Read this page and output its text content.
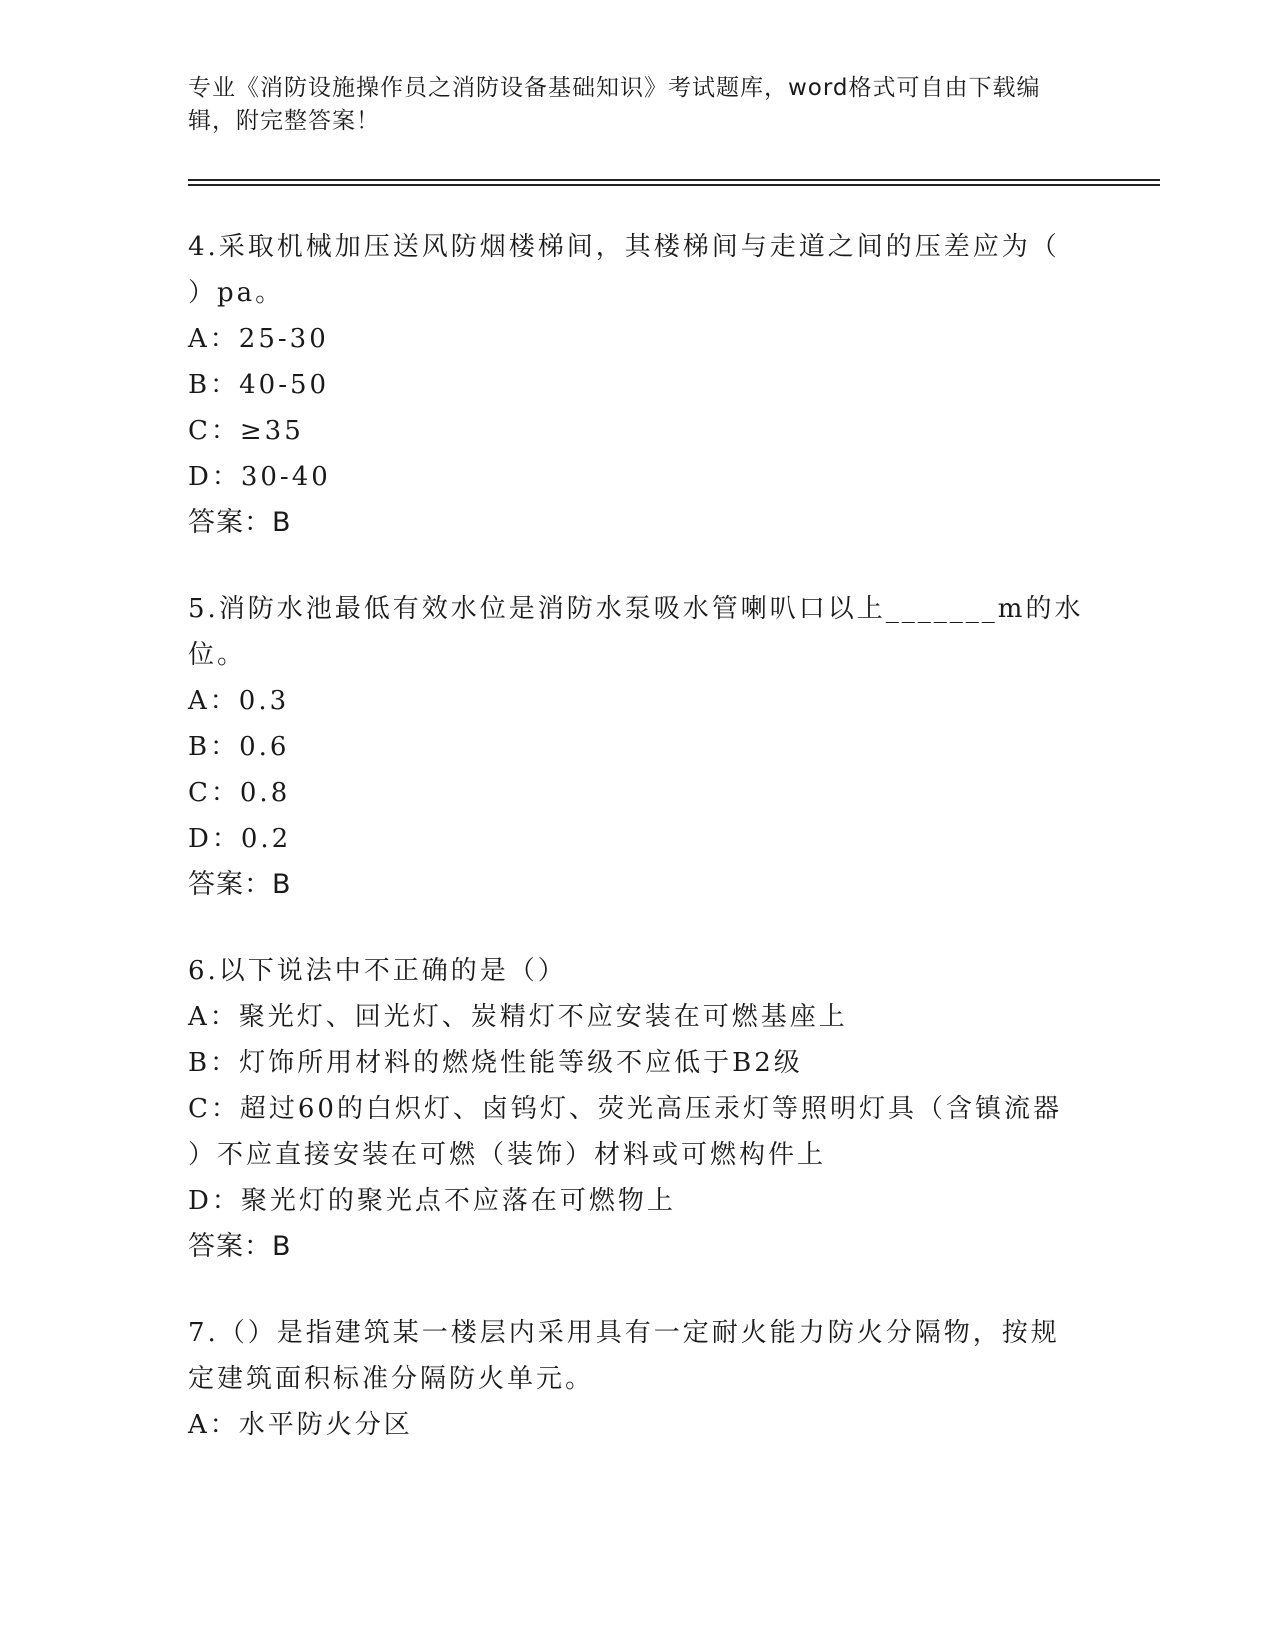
专业《消防设施操作员之消防设备基础知识》考试题库，word格式可自由下载编
辑，附完整答案！
4.采取机械加压送风防烟楼梯间，其楼梯间与走道之间的压差应为（
）pa。
A：25-30
B：40-50
C：≥35
D：30-40
答案：B
5.消防水池最低有效水位是消防水泵吸水管喇叭口以上_______m的水
位。
A：0.3
B：0.6
C：0.8
D：0.2
答案：B
6.以下说法中不正确的是（）
A：聚光灯、回光灯、炭精灯不应安装在可燃基座上
B：灯饰所用材料的燃烧性能等级不应低于B2级
C：超过60的白炽灯、卤钨灯、荧光高压汞灯等照明灯具（含镇流器
）不应直接安装在可燃（装饰）材料或可燃构件上
D：聚光灯的聚光点不应落在可燃物上
答案：B
7.（）是指建筑某一楼层内采用具有一定耐火能力防火分隔物，按规
定建筑面积标准分隔防火单元。
A：水平防火分区
